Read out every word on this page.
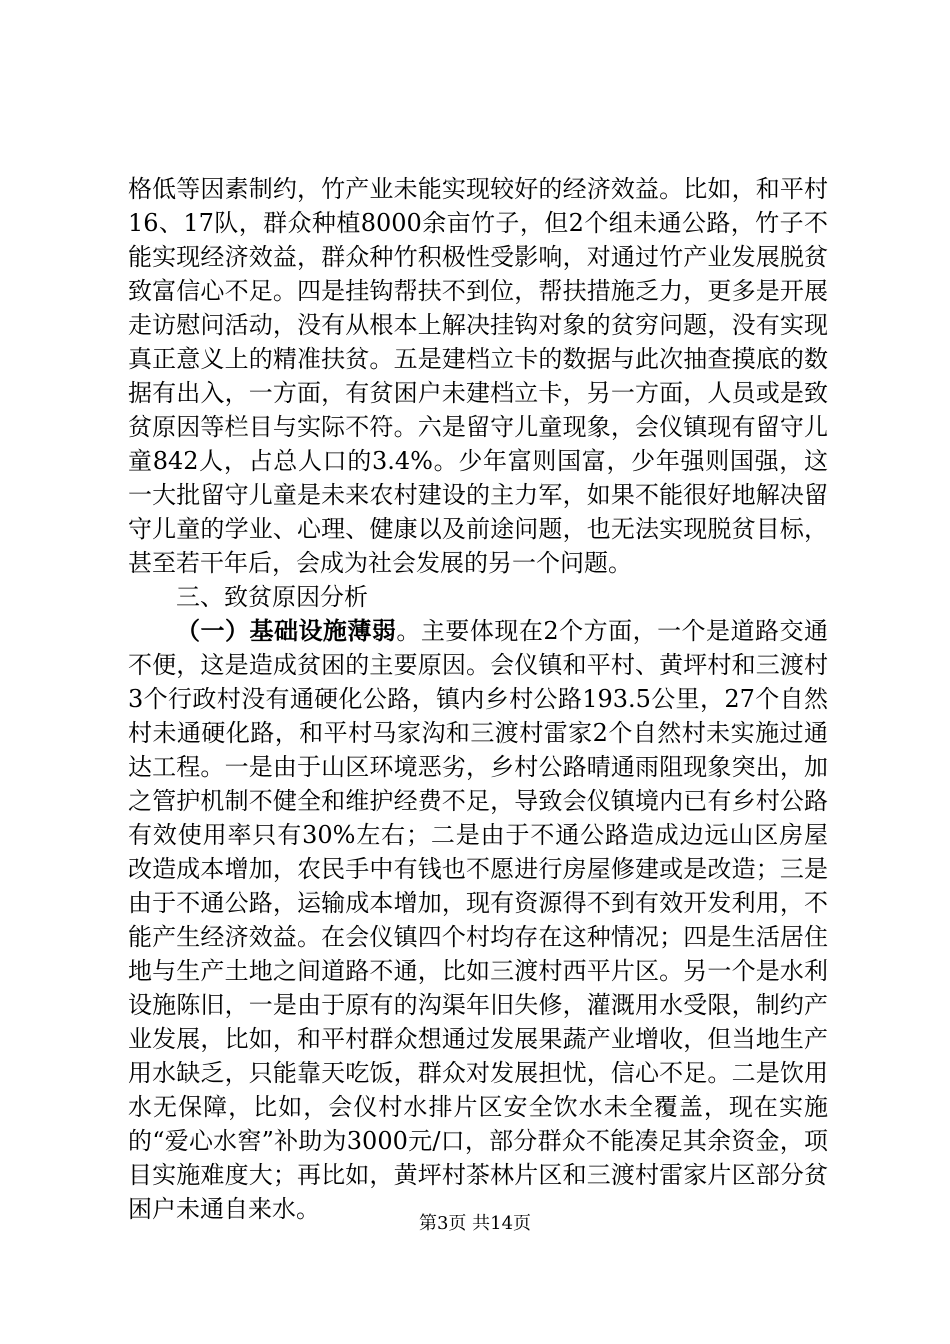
格低等因素制约，竹产业未能实现较好的经济效益。比如，和平村16、17队，群众种植8000余亩竹子，但2个组未通公路，竹子不能实现经济效益，群众种竹积极性受影响，对通过竹产业发展脱贫致富信心不足。四是挂钩帮扶不到位，帮扶措施乏力，更多是开展走访慰问活动，没有从根本上解决挂钩对象的贫穷问题，没有实现真正意义上的精准扶贫。五是建档立卡的数据与此次抽查摸底的数据有出入，一方面，有贫困户未建档立卡，另一方面，人员或是致贫原因等栏目与实际不符。六是留守儿童现象，会仪镇现有留守儿童842人，占总人口的3.4%。少年富则国富，少年强则国强，这一大批留守儿童是未来农村建设的主力军，如果不能很好地解决留守儿童的学业、心理、健康以及前途问题，也无法实现脱贫目标，甚至若干年后，会成为社会发展的另一个问题。

三、致贫原因分析

（一）基础设施薄弱。主要体现在2个方面，一个是道路交通不便，这是造成贫困的主要原因。会仪镇和平村、黄坪村和三渡村3个行政村没有通硬化公路，镇内乡村公路193.5公里，27个自然村未通硬化路，和平村马家沟和三渡村雷家2个自然村未实施过通达工程。一是由于山区环境恶劣，乡村公路晴通雨阻现象突出，加之管护机制不健全和维护经费不足，导致会仪镇境内已有乡村公路有效使用率只有30%左右；二是由于不通公路造成边远山区房屋改造成本增加，农民手中有钱也不愿进行房屋修建或是改造；三是由于不通公路，运输成本增加，现有资源得不到有效开发利用，不能产生经济效益。在会仪镇四个村均存在这种情况；四是生活居住地与生产土地之间道路不通，比如三渡村西平片区。另一个是水利设施陈旧，一是由于原有的沟渠年旧失修，灌溉用水受限，制约产业发展，比如，和平村群众想通过发展果蔬产业增收，但当地生产用水缺乏，只能靠天吃饭，群众对发展担忧，信心不足。二是饮用水无保障，比如，会仪村水排片区安全饮水未全覆盖，现在实施的“爱心水窖”补助为3000元/口，部分群众不能凑足其余资金，项目实施难度大；再比如，黄坪村茶林片区和三渡村雷家片区部分贫困户未通自来水。

第3页 共14页
